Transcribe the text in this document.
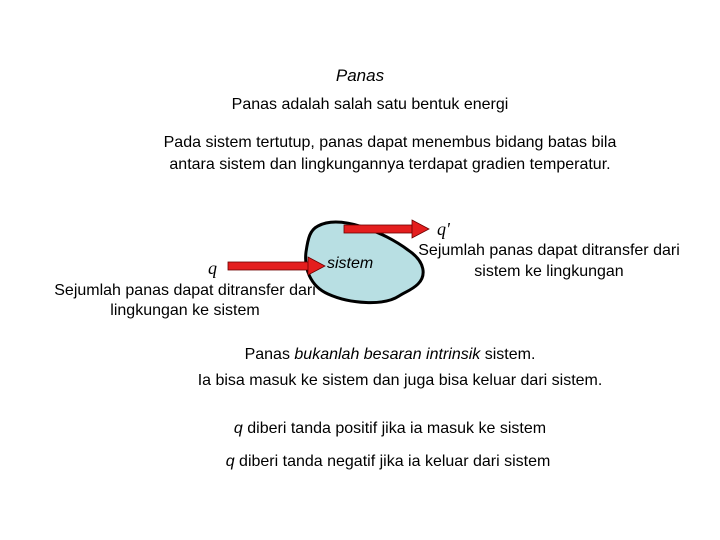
Panas

Panas adalah salah satu bentuk energi

Pada sistem tertutup, panas dapat menembus bidang batas bila antara sistem dan lingkungannya terdapat gradien temperatur.

q
q'
sistem

Sejumlah panas dapat ditransfer dari sistem ke lingkungan

Sejumlah panas dapat ditransfer dari lingkungan ke sistem

Panas bukanlah besaran intrinsik sistem.

Ia bisa masuk ke sistem dan juga bisa keluar dari sistem.

q diberi tanda positif jika ia masuk ke sistem

q diberi tanda negatif jika ia keluar dari sistem
